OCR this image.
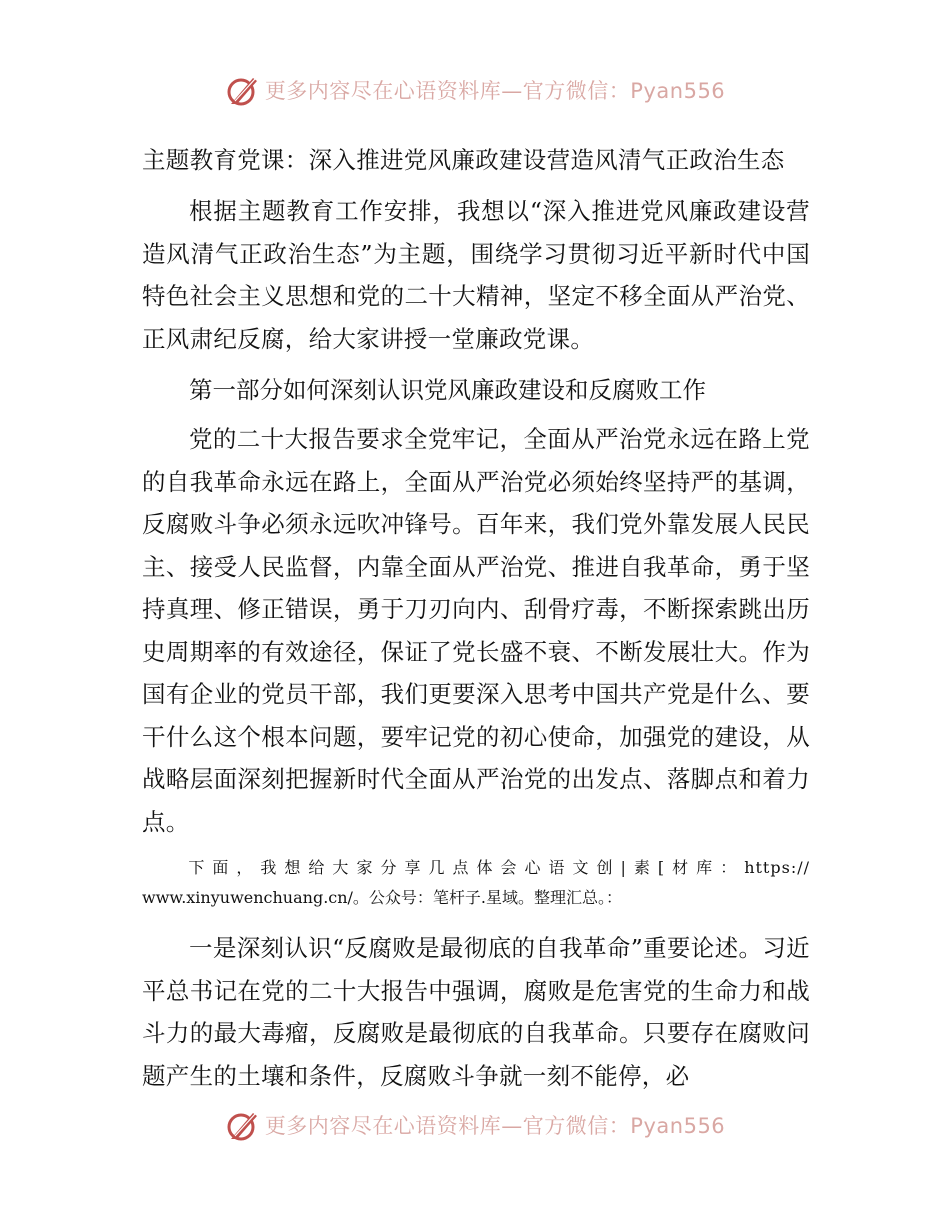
更多内容尽在心语资料库—官方微信：Pyan556
主题教育党课：深入推进党风廉政建设营造风清气正政治生态

根据主题教育工作安排，我想以“深入推进党风廉政建设营造风清气正政治生态”为主题，围绕学习贯彻习近平新时代中国特色社会主义思想和党的二十大精神，坚定不移全面从严治党、正风肃纪反腐，给大家讲授一堂廉政党课。

第一部分如何深刻认识党风廉政建设和反腐败工作

党的二十大报告要求全党牢记，全面从严治党永远在路上党的自我革命永远在路上，全面从严治党必须始终坚持严的基调，反腐败斗争必须永远吹冲锋号。百年来，我们党外靠发展人民民主、接受人民监督，内靠全面从严治党、推进自我革命，勇于坚持真理、修正错误，勇于刀刃向内、刮骨疗毒，不断探索跳出历史周期率的有效途径，保证了党长盛不衰、不断发展壮大。作为国有企业的党员干部，我们更要深入思考中国共产党是什么、要干什么这个根本问题，要牢记党的初心使命，加强党的建设，从战略层面深刻把握新时代全面从严治党的出发点、落脚点和着力点。

下面，我想给大家分享几点体会心语文创|素[材库：https://
www.xinyuwenchuang.cn/。公众号：笔杆子.星域。整理汇总。：

一是深刻认识“反腐败是最彻底的自我革命”重要论述。习近平总书记在党的二十大报告中强调，腐败是危害党的生命力和战斗力的最大毒瘤，反腐败是最彻底的自我革命。只要存在腐败问题产生的土壤和条件，反腐败斗争就一刻不能停，必

更多内容尽在心语资料库—官方微信：Pyan556
